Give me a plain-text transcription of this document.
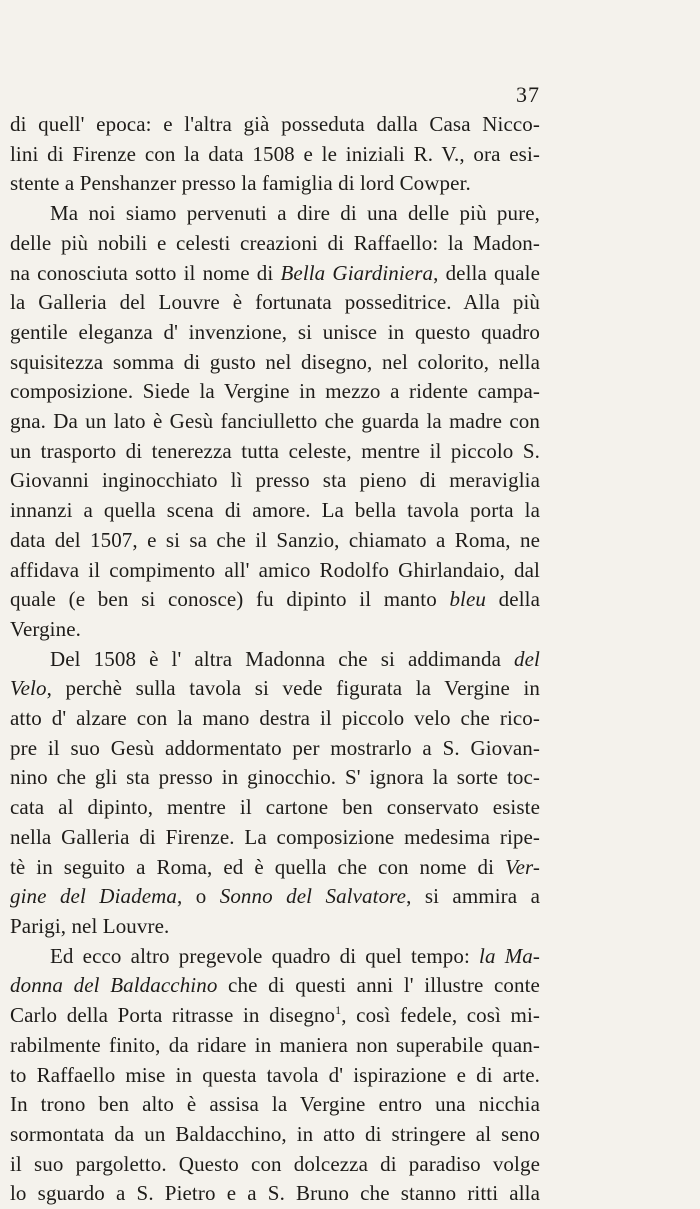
37
di quell' epoca: e l'altra già posseduta dalla Casa Nicco-
lini di Firenze con la data 1508 e le iniziali R. V., ora esi-
stente a Penshanzer presso la famiglia di lord Cowper.
Ma noi siamo pervenuti a dire di una delle più pure,
delle più nobili e celesti creazioni di Raffaello: la Madon-
na conosciuta sotto il nome di Bella Giardiniera, della quale
la Galleria del Louvre è fortunata posseditrice. Alla più
gentile eleganza d' invenzione, si unisce in questo quadro
squisitezza somma di gusto nel disegno, nel colorito, nella
composizione. Siede la Vergine in mezzo a ridente campa-
gna. Da un lato è Gesù fanciulletto che guarda la madre con
un trasporto di tenerezza tutta celeste, mentre il piccolo S.
Giovanni inginocchiato lì presso sta pieno di meraviglia
innanzi a quella scena di amore. La bella tavola porta la
data del 1507, e si sa che il Sanzio, chiamato a Roma, ne
affidava il compimento all' amico Rodolfo Ghirlandaio, dal
quale (e ben si conosce) fu dipinto il manto bleu della
Vergine.
Del 1508 è l' altra Madonna che si addimanda del
Velo, perchè sulla tavola si vede figurata la Vergine in
atto d' alzare con la mano destra il piccolo velo che rico-
pre il suo Gesù addormentato per mostrarlo a S. Giovan-
nino che gli sta presso in ginocchio. S' ignora la sorte toc-
cata al dipinto, mentre il cartone ben conservato esiste
nella Galleria di Firenze. La composizione medesima ripe-
tè in seguito a Roma, ed è quella che con nome di Ver-
gine del Diadema, o Sonno del Salvatore, si ammira a
Parigi, nel Louvre.
Ed ecco altro pregevole quadro di quel tempo: la Ma-
donna del Baldacchino che di questi anni l' illustre conte
Carlo della Porta ritrasse in disegno$^1$, così fedele, così mi-
rabilmente finito, da ridare in maniera non superabile quan-
to Raffaello mise in questa tavola d' ispirazione e di arte.
In trono ben alto è assisa la Vergine entro una nicchia
sormontata da un Baldacchino, in atto di stringere al seno
il suo pargoletto. Questo con dolcezza di paradiso volge
lo sguardo a S. Pietro e a S. Bruno che stanno ritti alla
